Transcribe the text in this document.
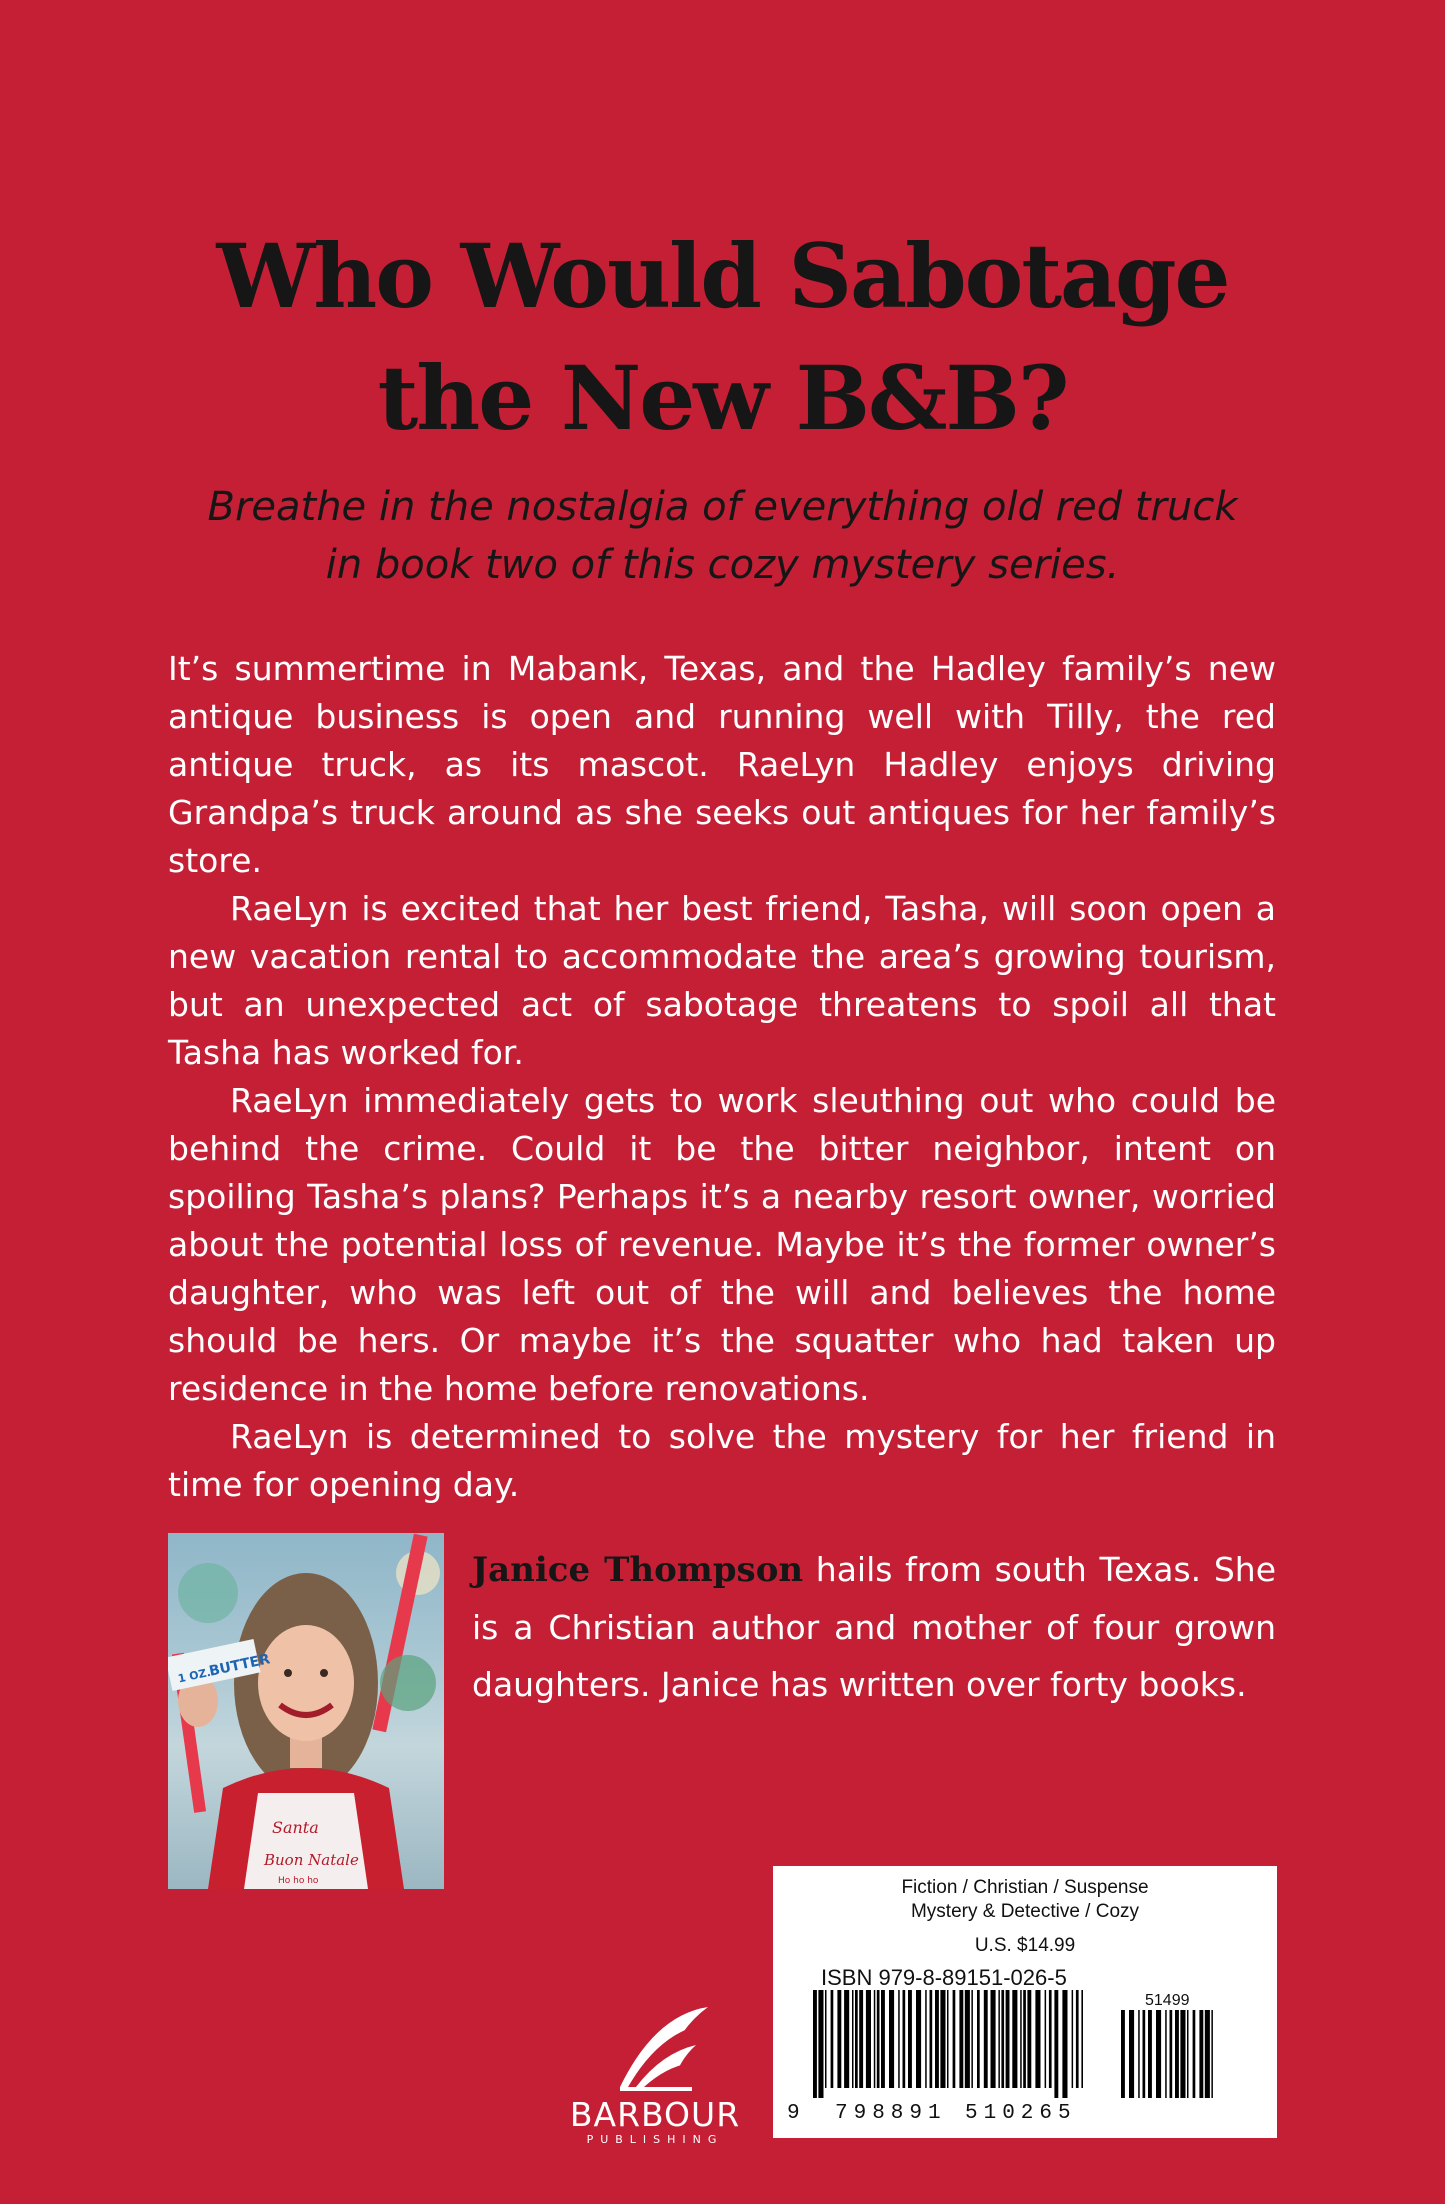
Who Would Sabotage
the New B&B?

Breathe in the nostalgia of everything old red truck
in book two of this cozy mystery series.

It’s summertime in Mabank, Texas, and the Hadley family’s new antique business is open and running well with Tilly, the red antique truck, as its mascot. RaeLyn Hadley enjoys driving Grandpa’s truck around as she seeks out antiques for her family’s store.

RaeLyn is excited that her best friend, Tasha, will soon open a new vacation rental to accommodate the area’s growing tourism, but an unexpected act of sabotage threatens to spoil all that Tasha has worked for.

RaeLyn immediately gets to work sleuthing out who could be behind the crime. Could it be the bitter neighbor, intent on spoiling Tasha’s plans? Perhaps it’s a nearby resort owner, worried about the potential loss of revenue. Maybe it’s the former owner’s daughter, who was left out of the will and believes the home should be hers. Or maybe it’s the squatter who had taken up residence in the home before renovations.

RaeLyn is determined to solve the mystery for her friend in time for opening day.

Santa
Buon Natale
Ho ho ho
1 OZ.
BUTTER

Janice Thompson hails from south Texas. She is a Christian author and mother of four grown daughters. Janice has written over forty books.

BARBOUR
PUBLISHING

Fiction / Christian / Suspense
Mystery & Detective / Cozy

U.S. $14.99
ISBN 979-8-89151-026-5
51499
9 798891 510265
